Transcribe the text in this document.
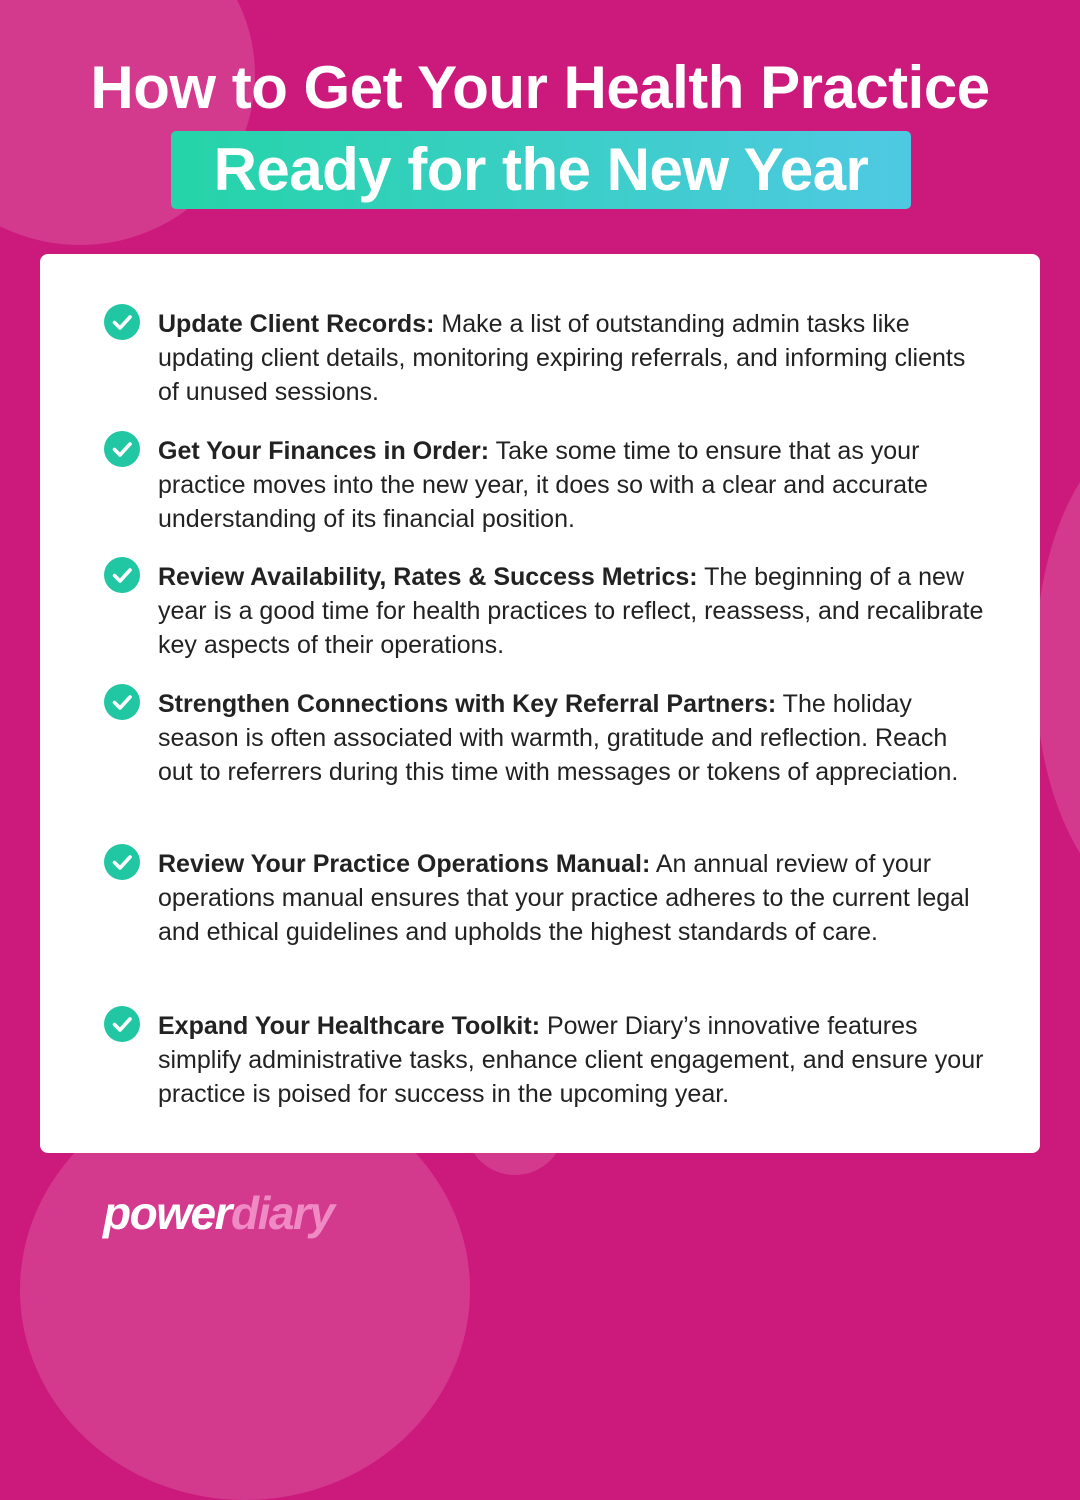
How to Get Your Health Practice
Ready for the New Year
Update Client Records: Make a list of outstanding admin tasks like updating client details, monitoring expiring referrals, and informing clients of unused sessions.
Get Your Finances in Order: Take some time to ensure that as your practice moves into the new year, it does so with a clear and accurate understanding of its financial position.
Review Availability, Rates & Success Metrics: The beginning of a new year is a good time for health practices to reflect, reassess, and recalibrate key aspects of their operations.
Strengthen Connections with Key Referral Partners: The holiday season is often associated with warmth, gratitude and reflection. Reach out to referrers during this time with messages or tokens of appreciation.
Review Your Practice Operations Manual: An annual review of your operations manual ensures that your practice adheres to the current legal and ethical guidelines and upholds the highest standards of care.
Expand Your Healthcare Toolkit: Power Diary’s innovative features simplify administrative tasks, enhance client engagement, and ensure your practice is poised for success in the upcoming year.
powerdiary
